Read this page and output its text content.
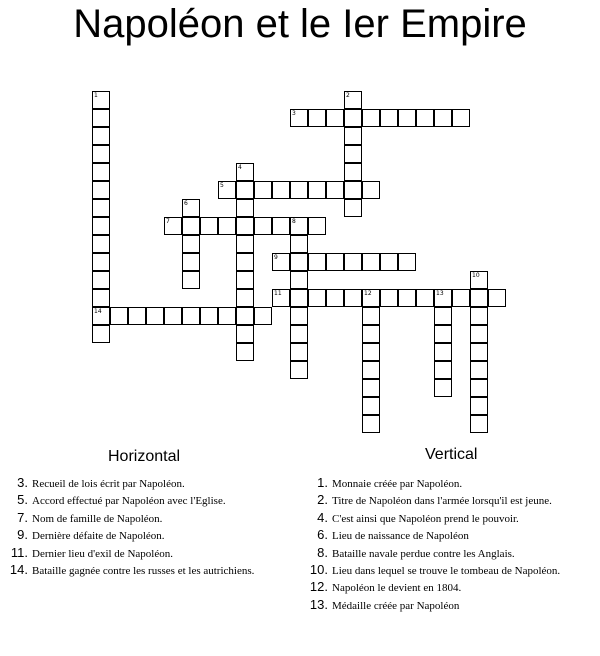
Napoléon et le Ier Empire
1
14
2
3
4
5
6
7	8
9
10
11	12	13
Horizontal
3. Recueil de lois écrit par Napoléon.
5. Accord effectué par Napoléon avec l'Eglise.
7. Nom de famille de Napoléon.
9. Dernière défaite de Napoléon.
11. Dernier lieu d'exil de Napoléon.
14. Bataille gagnée contre les russes et les autrichiens.
Vertical
1. Monnaie créée par Napoléon.
2. Titre de Napoléon dans l'armée lorsqu'il est jeune.
4. C'est ainsi que Napoléon prend le pouvoir.
6. Lieu de naissance de Napoléon
8. Bataille navale perdue contre les Anglais.
10. Lieu dans lequel se trouve le tombeau de Napoléon.
12. Napoléon le devient en 1804.
13. Médaille créée par Napoléon
